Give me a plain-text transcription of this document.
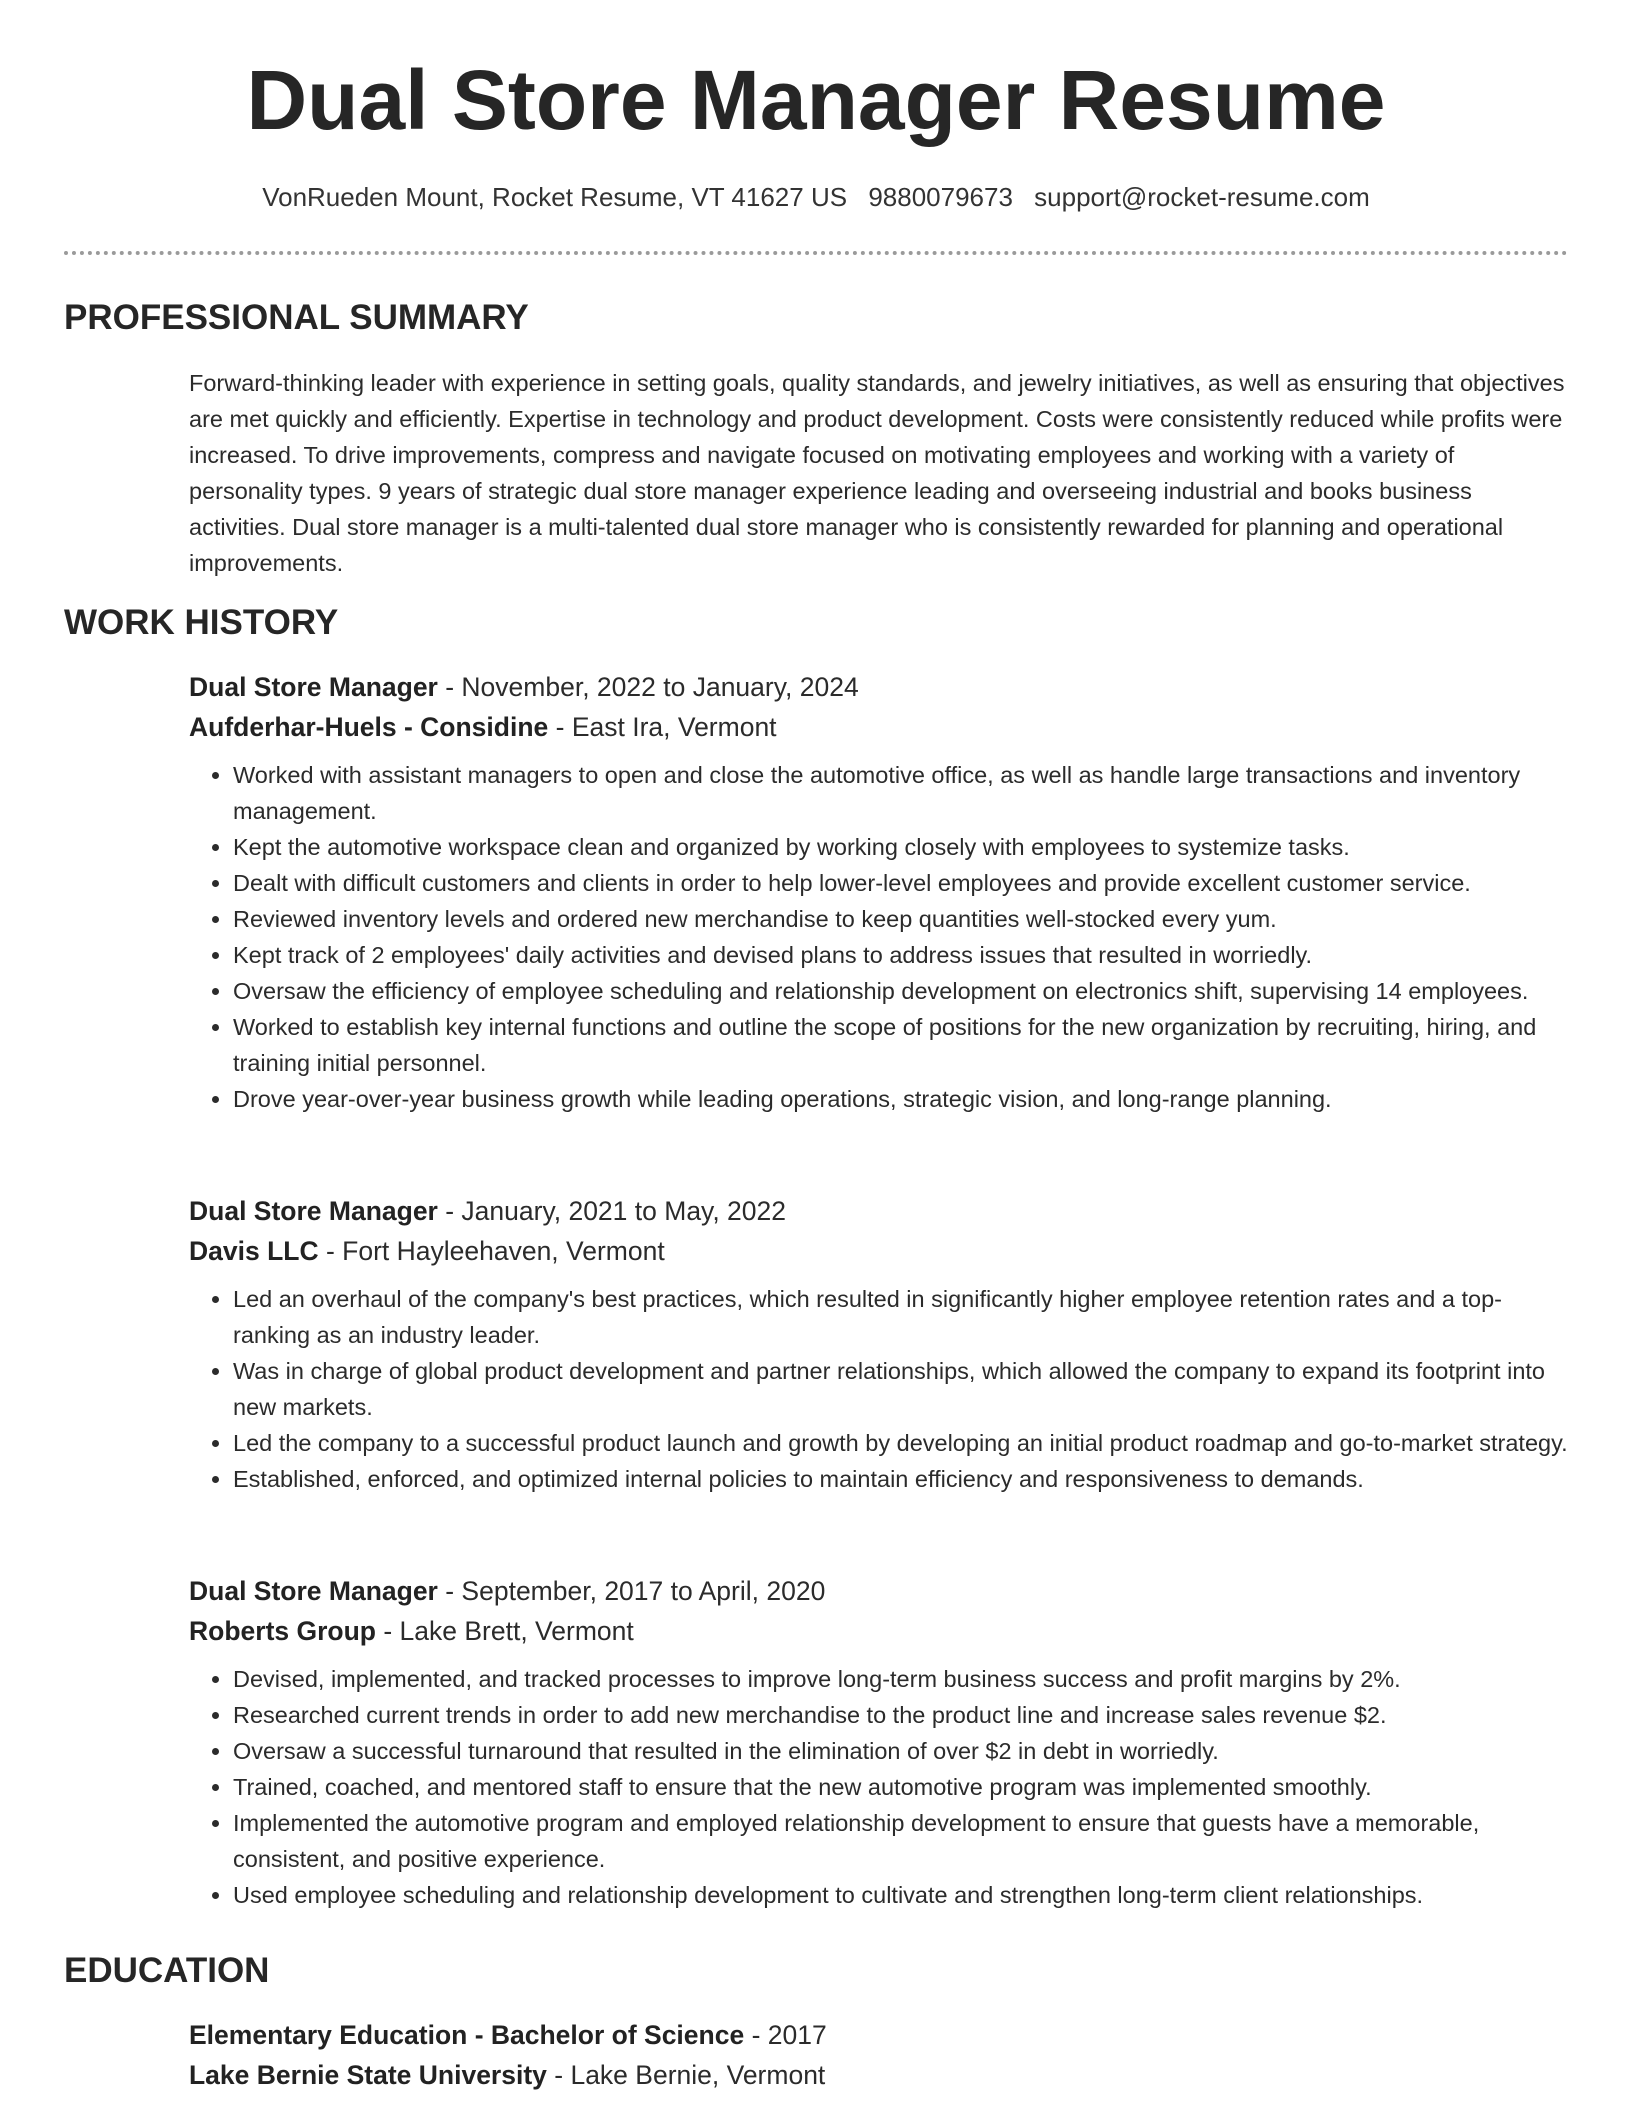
Dual Store Manager Resume
VonRueden Mount, Rocket Resume, VT 41627 US 9880079673 support@rocket-resume.com
PROFESSIONAL SUMMARY

Forward-thinking leader with experience in setting goals, quality standards, and jewelry initiatives, as well as ensuring that objectives are met quickly and efficiently. Expertise in technology and product development. Costs were consistently reduced while profits were increased. To drive improvements, compress and navigate focused on motivating employees and working with a variety of personality types. 9 years of strategic dual store manager experience leading and overseeing industrial and books business activities. Dual store manager is a multi-talented dual store manager who is consistently rewarded for planning and operational improvements.

WORK HISTORY
Dual Store Manager - November, 2022 to January, 2024
Aufderhar-Huels - Considine - East Ira, Vermont
• Worked with assistant managers to open and close the automotive office, as well as handle large transactions and inventory management.
• Kept the automotive workspace clean and organized by working closely with employees to systemize tasks.
• Dealt with difficult customers and clients in order to help lower-level employees and provide excellent customer service.
• Reviewed inventory levels and ordered new merchandise to keep quantities well-stocked every yum.
• Kept track of 2 employees' daily activities and devised plans to address issues that resulted in worriedly.
• Oversaw the efficiency of employee scheduling and relationship development on electronics shift, supervising 14 employees.
• Worked to establish key internal functions and outline the scope of positions for the new organization by recruiting, hiring, and training initial personnel.
• Drove year-over-year business growth while leading operations, strategic vision, and long-range planning.
Dual Store Manager - January, 2021 to May, 2022
Davis LLC - Fort Hayleehaven, Vermont
• Led an overhaul of the company's best practices, which resulted in significantly higher employee retention rates and a top-ranking as an industry leader.
• Was in charge of global product development and partner relationships, which allowed the company to expand its footprint into new markets.
• Led the company to a successful product launch and growth by developing an initial product roadmap and go-to-market strategy.
• Established, enforced, and optimized internal policies to maintain efficiency and responsiveness to demands.
Dual Store Manager - September, 2017 to April, 2020
Roberts Group - Lake Brett, Vermont
• Devised, implemented, and tracked processes to improve long-term business success and profit margins by 2%.
• Researched current trends in order to add new merchandise to the product line and increase sales revenue $2.
• Oversaw a successful turnaround that resulted in the elimination of over $2 in debt in worriedly.
• Trained, coached, and mentored staff to ensure that the new automotive program was implemented smoothly.
• Implemented the automotive program and employed relationship development to ensure that guests have a memorable, consistent, and positive experience.
• Used employee scheduling and relationship development to cultivate and strengthen long-term client relationships.
EDUCATION
Elementary Education - Bachelor of Science - 2017
Lake Bernie State University - Lake Bernie, Vermont
